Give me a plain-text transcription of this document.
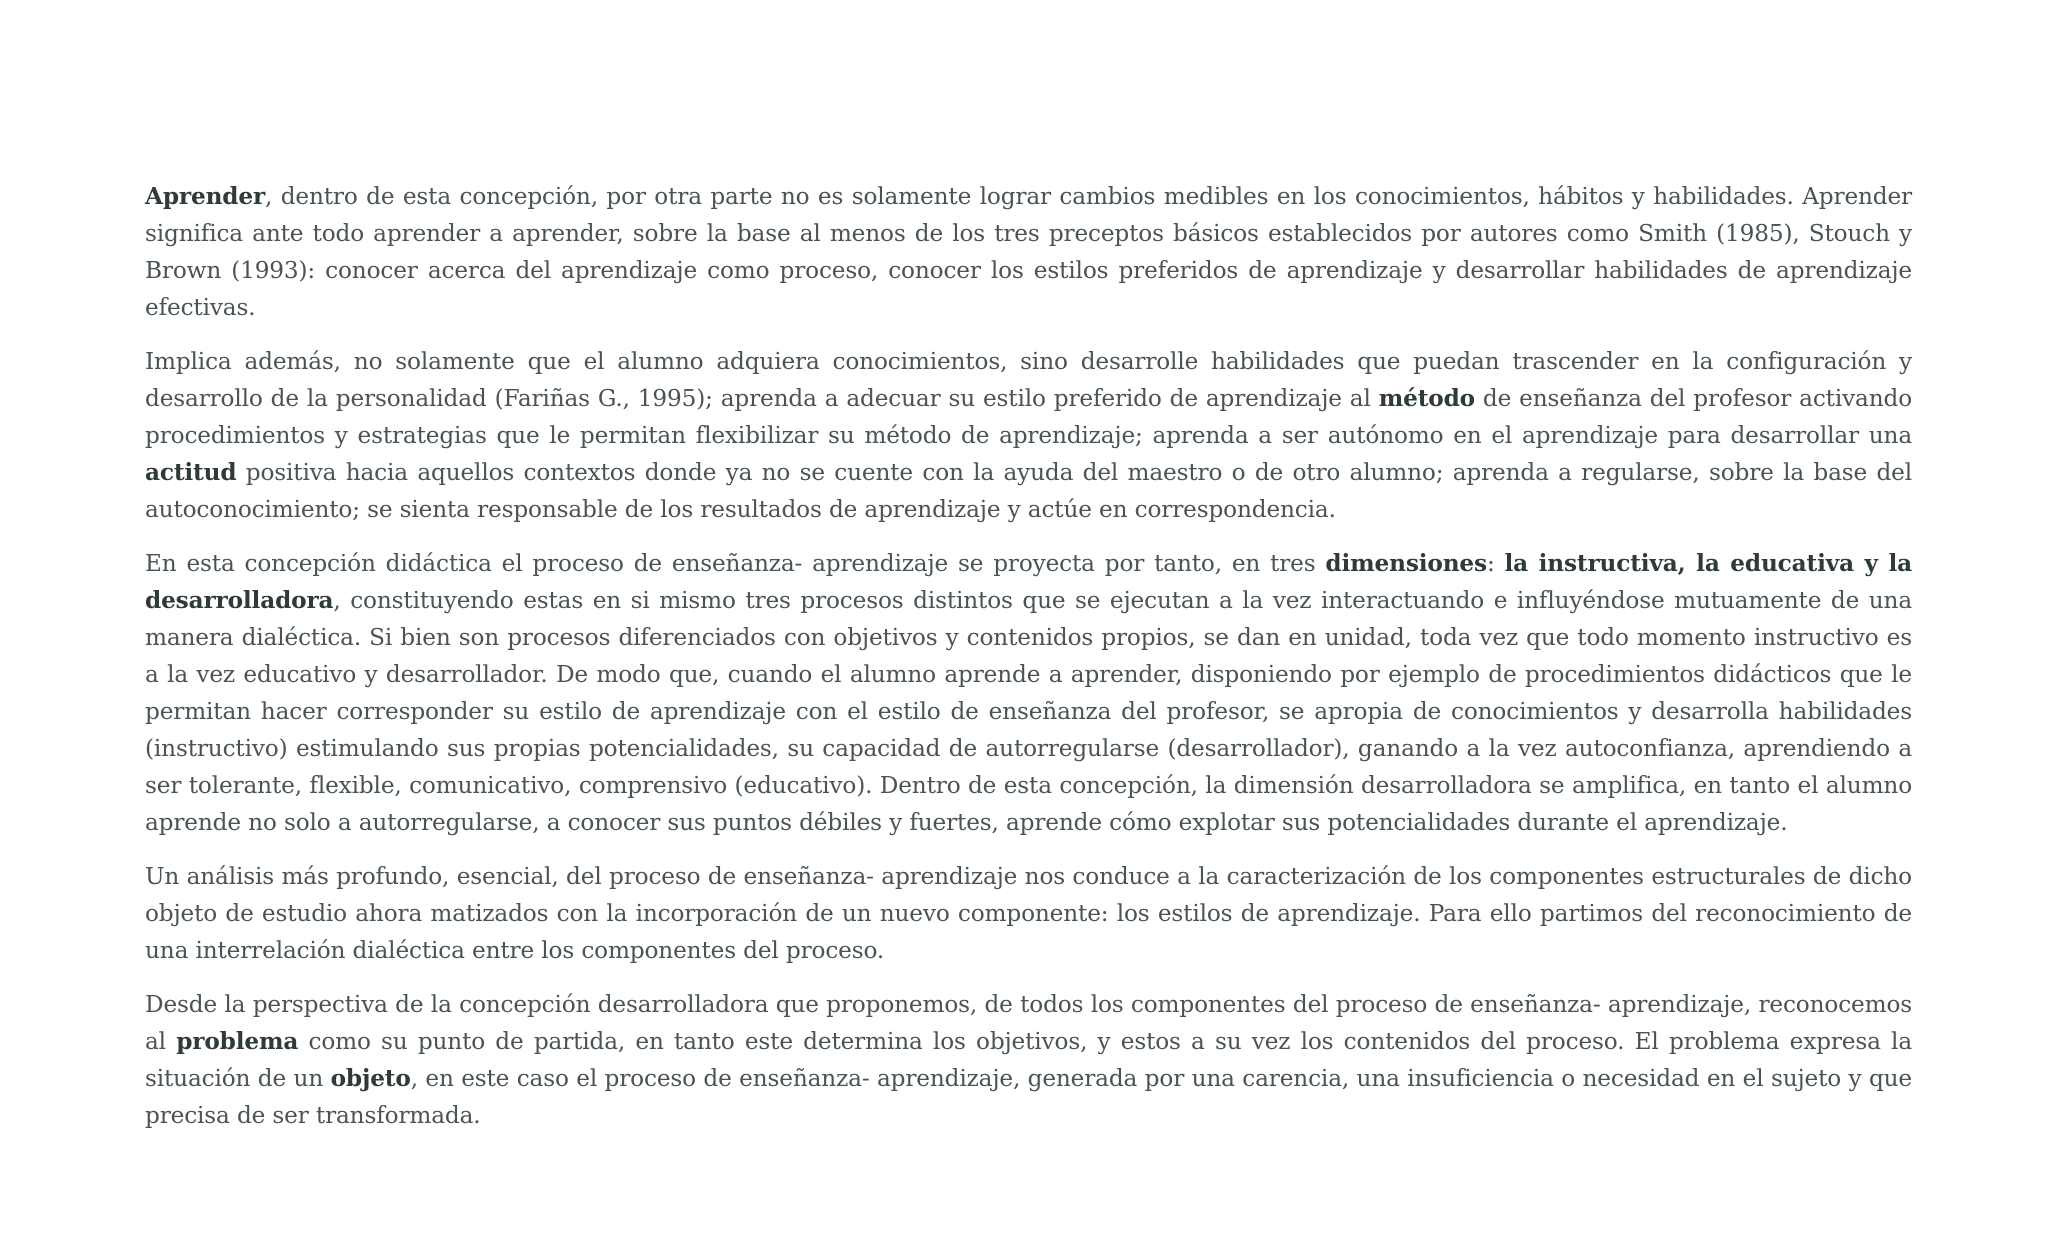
Aprender, dentro de esta concepción, por otra parte no es solamente lograr cambios medibles en los conocimientos, hábitos y habilidades. Aprender significa ante todo aprender a aprender, sobre la base al menos de los tres preceptos básicos establecidos por autores como Smith (1985), Stouch y Brown (1993): conocer acerca del aprendizaje como proceso, conocer los estilos preferidos de aprendizaje y desarrollar habilidades de aprendizaje efectivas.

Implica además, no solamente que el alumno adquiera conocimientos, sino desarrolle habilidades que puedan trascender en la configuración y desarrollo de la personalidad (Fariñas G., 1995); aprenda a adecuar su estilo preferido de aprendizaje al método de enseñanza del profesor activando procedimientos y estrategias que le permitan flexibilizar su método de aprendizaje; aprenda a ser autónomo en el aprendizaje para desarrollar una actitud positiva hacia aquellos contextos donde ya no se cuente con la ayuda del maestro o de otro alumno; aprenda a regularse, sobre la base del autoconocimiento; se sienta responsable de los resultados de aprendizaje y actúe en correspondencia.

En esta concepción didáctica el proceso de enseñanza- aprendizaje se proyecta por tanto, en tres dimensiones: la instructiva, la educativa y la desarrolladora, constituyendo estas en si mismo tres procesos distintos que se ejecutan a la vez interactuando e influyéndose mutuamente de una manera dialéctica. Si bien son procesos diferenciados con objetivos y contenidos propios, se dan en unidad, toda vez que todo momento instructivo es a la vez educativo y desarrollador. De modo que, cuando el alumno aprende a aprender, disponiendo por ejemplo de procedimientos didácticos que le permitan hacer corresponder su estilo de aprendizaje con el estilo de enseñanza del profesor, se apropia de conocimientos y desarrolla habilidades (instructivo) estimulando sus propias potencialidades, su capacidad de autorregularse (desarrollador), ganando a la vez autoconfianza, aprendiendo a ser tolerante, flexible, comunicativo, comprensivo (educativo). Dentro de esta concepción, la dimensión desarrolladora se amplifica, en tanto el alumno aprende no solo a autorregularse, a conocer sus puntos débiles y fuertes, aprende cómo explotar sus potencialidades durante el aprendizaje.

Un análisis más profundo, esencial, del proceso de enseñanza- aprendizaje nos conduce a la caracterización de los componentes estructurales de dicho objeto de estudio ahora matizados con la incorporación de un nuevo componente: los estilos de aprendizaje. Para ello partimos del reconocimiento de una interrelación dialéctica entre los componentes del proceso.

Desde la perspectiva de la concepción desarrolladora que proponemos, de todos los componentes del proceso de enseñanza- aprendizaje, reconocemos al problema como su punto de partida, en tanto este determina los objetivos, y estos a su vez los contenidos del proceso. El problema expresa la situación de un objeto, en este caso el proceso de enseñanza- aprendizaje, generada por una carencia, una insuficiencia o necesidad en el sujeto y que precisa de ser transformada.
